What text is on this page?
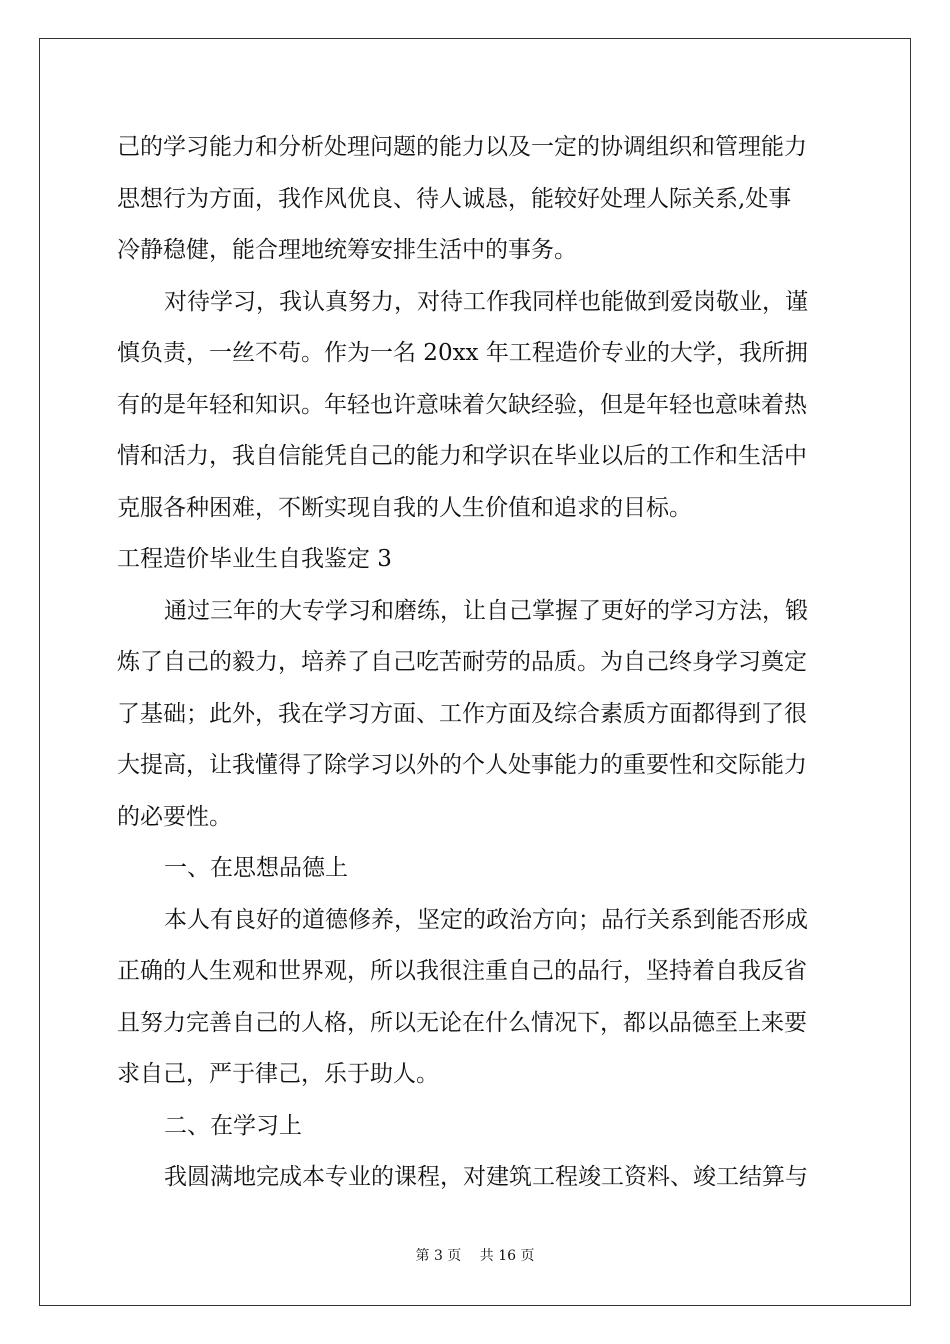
己的学习能力和分析处理问题的能力以及一定的协调组织和管理能力
思想行为方面，我作风优良、待人诚恳，能较好处理人际关系,处事
冷静稳健，能合理地统筹安排生活中的事务。
对待学习，我认真努力，对待工作我同样也能做到爱岗敬业，谨
慎负责，一丝不苟。作为一名 20xx 年工程造价专业的大学，我所拥
有的是年轻和知识。年轻也许意味着欠缺经验，但是年轻也意味着热
情和活力，我自信能凭自己的能力和学识在毕业以后的工作和生活中
克服各种困难，不断实现自我的人生价值和追求的目标。
工程造价毕业生自我鉴定 3
通过三年的大专学习和磨练，让自己掌握了更好的学习方法，锻
炼了自己的毅力，培养了自己吃苦耐劳的品质。为自己终身学习奠定
了基础；此外，我在学习方面、工作方面及综合素质方面都得到了很
大提高，让我懂得了除学习以外的个人处事能力的重要性和交际能力
的必要性。
一、在思想品德上
本人有良好的道德修养，坚定的政治方向；品行关系到能否形成
正确的人生观和世界观，所以我很注重自己的品行，坚持着自我反省
且努力完善自己的人格，所以无论在什么情况下，都以品德至上来要
求自己，严于律己，乐于助人。
二、在学习上
我圆满地完成本专业的课程，对建筑工程竣工资料、竣工结算与
第 3 页 共 16 页
